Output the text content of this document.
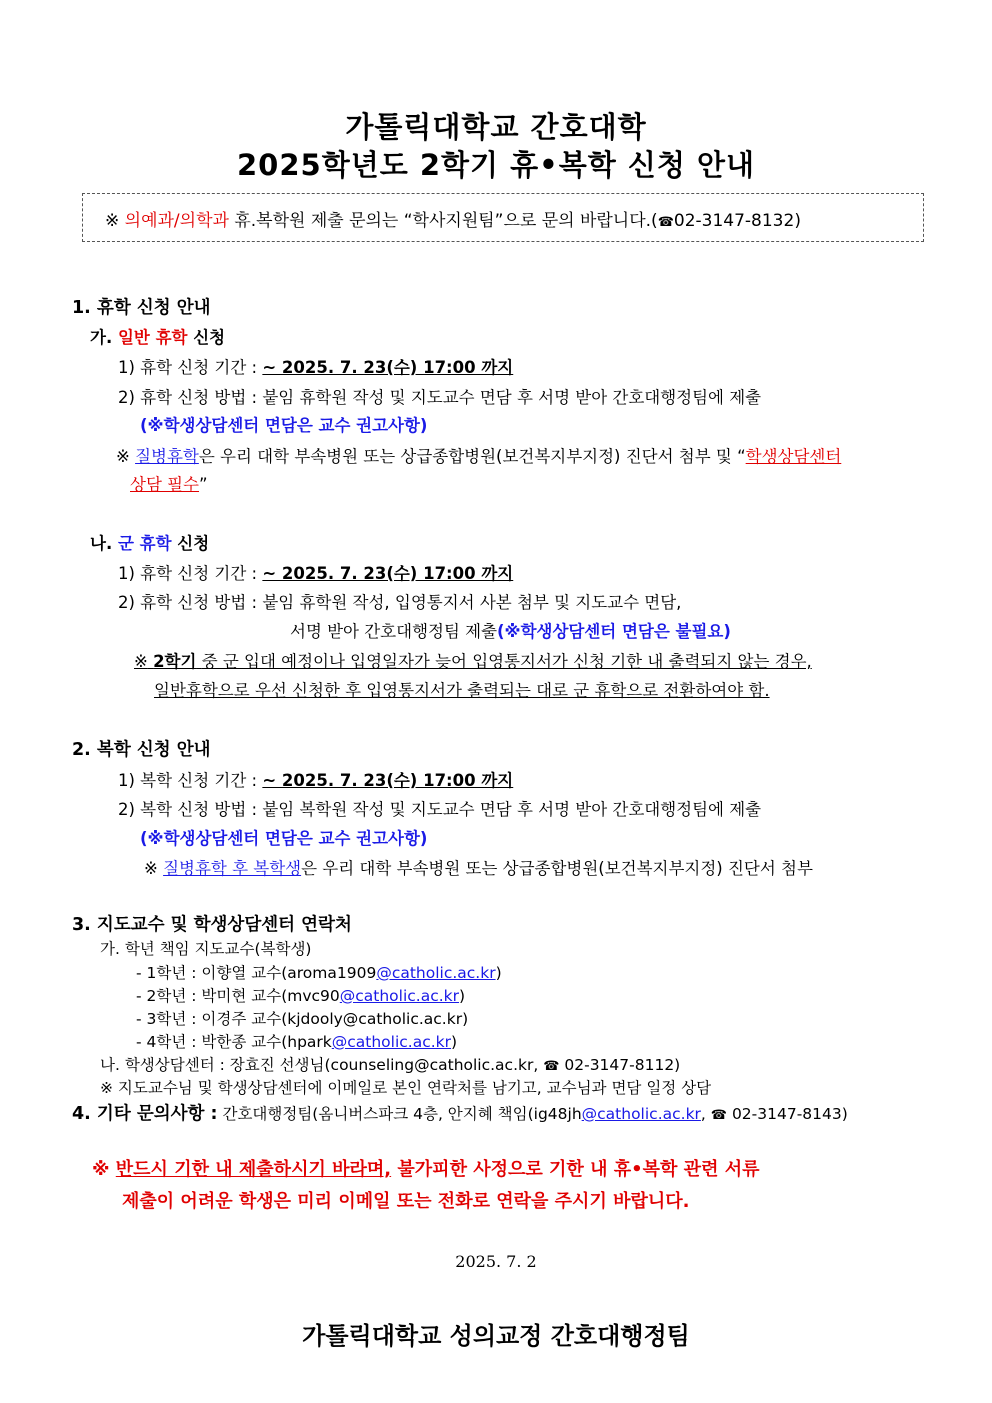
가톨릭대학교 간호대학
2025학년도 2학기 휴•복학 신청 안내
※ 의예과/의학과 휴.복학원 제출 문의는 “학사지원팀”으로 문의 바랍니다.(☎02-3147-8132)
1. 휴학 신청 안내
가. 일반 휴학 신청
1) 휴학 신청 기간 : ~ 2025. 7. 23(수) 17:00 까지
2) 휴학 신청 방법 : 붙임 휴학원 작성 및 지도교수 면담 후 서명 받아 간호대행정팀에 제출
(※학생상담센터 면담은 교수 권고사항)
※ 질병휴학은 우리 대학 부속병원 또는 상급종합병원(보건복지부지정) 진단서 첨부 및 “학생상담센터
상담 필수”
나. 군 휴학 신청
1) 휴학 신청 기간 : ~ 2025. 7. 23(수) 17:00 까지
2) 휴학 신청 방법 : 붙임 휴학원 작성, 입영통지서 사본 첨부 및 지도교수 면담,
서명 받아 간호대행정팀 제출(※학생상담센터 면담은 불필요)
※ 2학기 중 군 입대 예정이나 입영일자가 늦어 입영통지서가 신청 기한 내 출력되지 않는 경우,
일반휴학으로 우선 신청한 후 입영통지서가 출력되는 대로 군 휴학으로 전환하여야 함.
2. 복학 신청 안내
1) 복학 신청 기간 : ~ 2025. 7. 23(수) 17:00 까지
2) 복학 신청 방법 : 붙임 복학원 작성 및 지도교수 면담 후 서명 받아 간호대행정팀에 제출
(※학생상담센터 면담은 교수 권고사항)
※ 질병휴학 후 복학생은 우리 대학 부속병원 또는 상급종합병원(보건복지부지정) 진단서 첨부
3. 지도교수 및 학생상담센터 연락처
가. 학년 책임 지도교수(복학생)
- 1학년 : 이향열 교수(aroma1909@catholic.ac.kr)
- 2학년 : 박미현 교수(mvc90@catholic.ac.kr)
- 3학년 : 이경주 교수(kjdooly@catholic.ac.kr)
- 4학년 : 박한종 교수(hpark@catholic.ac.kr)
나. 학생상담센터 : 장효진 선생님(counseling@catholic.ac.kr, ☎ 02-3147-8112)
※ 지도교수님 및 학생상담센터에 이메일로 본인 연락처를 남기고, 교수님과 면담 일정 상담
4. 기타 문의사항 : 간호대행정팀(옴니버스파크 4층, 안지혜 책임(ig48jh@catholic.ac.kr, ☎ 02-3147-8143)
※ 반드시 기한 내 제출하시기 바라며, 불가피한 사정으로 기한 내 휴•복학 관련 서류
제출이 어려운 학생은 미리 이메일 또는 전화로 연락을 주시기 바랍니다.
2025. 7. 2
가톨릭대학교 성의교정 간호대행정팀
